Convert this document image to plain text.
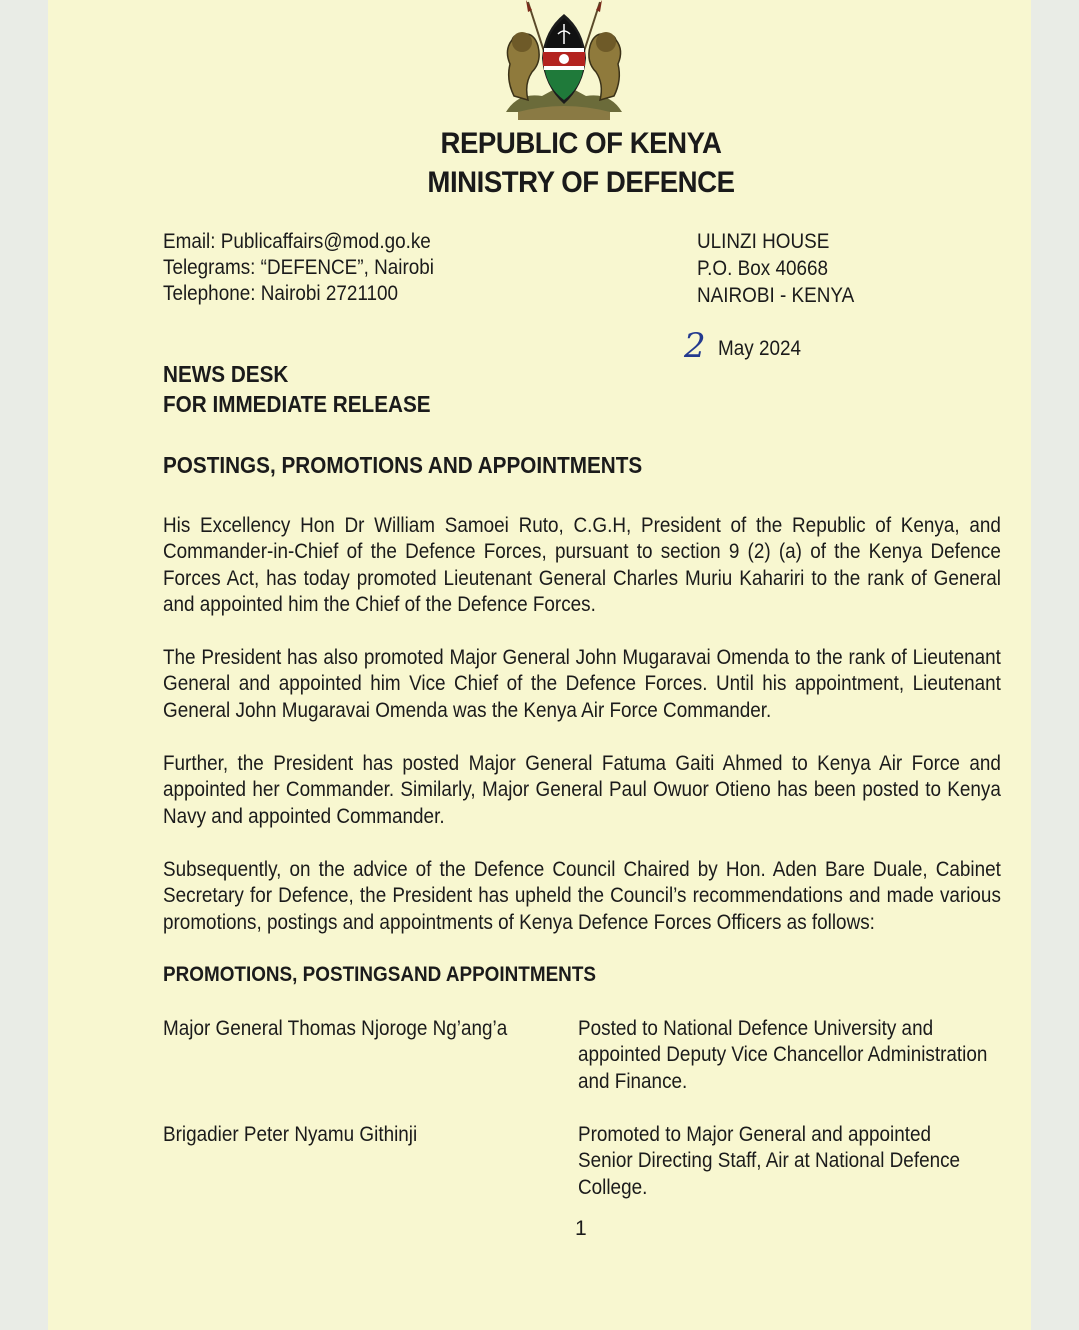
REPUBLIC OF KENYA
MINISTRY OF DEFENCE
Email: Publicaffairs@mod.go.ke
Telegrams: “DEFENCE”, Nairobi
Telephone: Nairobi 2721100
ULINZI HOUSE
P.O. Box 40668
NAIROBI - KENYA
2 May 2024
NEWS DESK
FOR IMMEDIATE RELEASE
POSTINGS, PROMOTIONS AND APPOINTMENTS
His Excellency Hon Dr William Samoei Ruto, C.G.H, President of the Republic of Kenya, and Commander-in-Chief of the Defence Forces, pursuant to section 9 (2) (a) of the Kenya Defence Forces Act, has today promoted Lieutenant General Charles Muriu Kahariri to the rank of General and appointed him the Chief of the Defence Forces.
The President has also promoted Major General John Mugaravai Omenda to the rank of Lieutenant General and appointed him Vice Chief of the Defence Forces. Until his appointment, Lieutenant General John Mugaravai Omenda was the Kenya Air Force Commander.
Further, the President has posted Major General Fatuma Gaiti Ahmed to Kenya Air Force and appointed her Commander. Similarly, Major General Paul Owuor Otieno has been posted to Kenya Navy and appointed Commander.
Subsequently, on the advice of the Defence Council Chaired by Hon. Aden Bare Duale, Cabinet Secretary for Defence, the President has upheld the Council’s recommendations and made various promotions, postings and appointments of Kenya Defence Forces Officers as follows:
PROMOTIONS, POSTINGSAND APPOINTMENTS
Major General Thomas Njoroge Ng’ang’a	Posted to National Defence University and appointed Deputy Vice Chancellor Administration and Finance.
Brigadier Peter Nyamu Githinji	Promoted to Major General and appointed Senior Directing Staff, Air at National Defence College.
1
